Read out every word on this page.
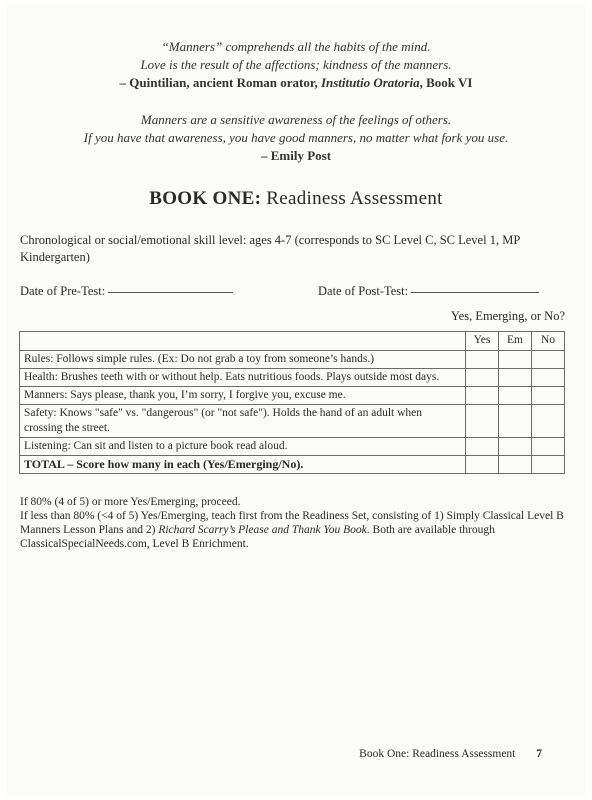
“Manners” comprehends all the habits of the mind.
Love is the result of the affections; kindness of the manners.
– Quintilian, ancient Roman orator, Institutio Oratoria, Book VI
Manners are a sensitive awareness of the feelings of others.
If you have that awareness, you have good manners, no matter what fork you use.
– Emily Post
BOOK ONE: Readiness Assessment
Chronological or social/emotional skill level: ages 4-7 (corresponds to SC Level C, SC Level 1, MP Kindergarten)
Date of Pre-Test:	Date of Post-Test:
Yes, Emerging, or No?
	Yes	Em	No
Rules: Follows simple rules. (Ex: Do not grab a toy from someone’s hands.)			
Health: Brushes teeth with or without help. Eats nutritious foods. Plays outside most days.			
Manners: Says please, thank you, I’m sorry, I forgive you, excuse me.			
Safety: Knows "safe" vs. "dangerous" (or "not safe"). Holds the hand of an adult when crossing the street.			
Listening: Can sit and listen to a picture book read aloud.			
TOTAL – Score how many in each (Yes/Emerging/No).			
If 80% (4 of 5) or more Yes/Emerging, proceed.
If less than 80% (<4 of 5) Yes/Emerging, teach first from the Readiness Set, consisting of 1) Simply Classical Level B Manners Lesson Plans and 2) Richard Scarry’s Please and Thank You Book. Both are available through ClassicalSpecialNeeds.com, Level B Enrichment.
Book One: Readiness Assessment 7
